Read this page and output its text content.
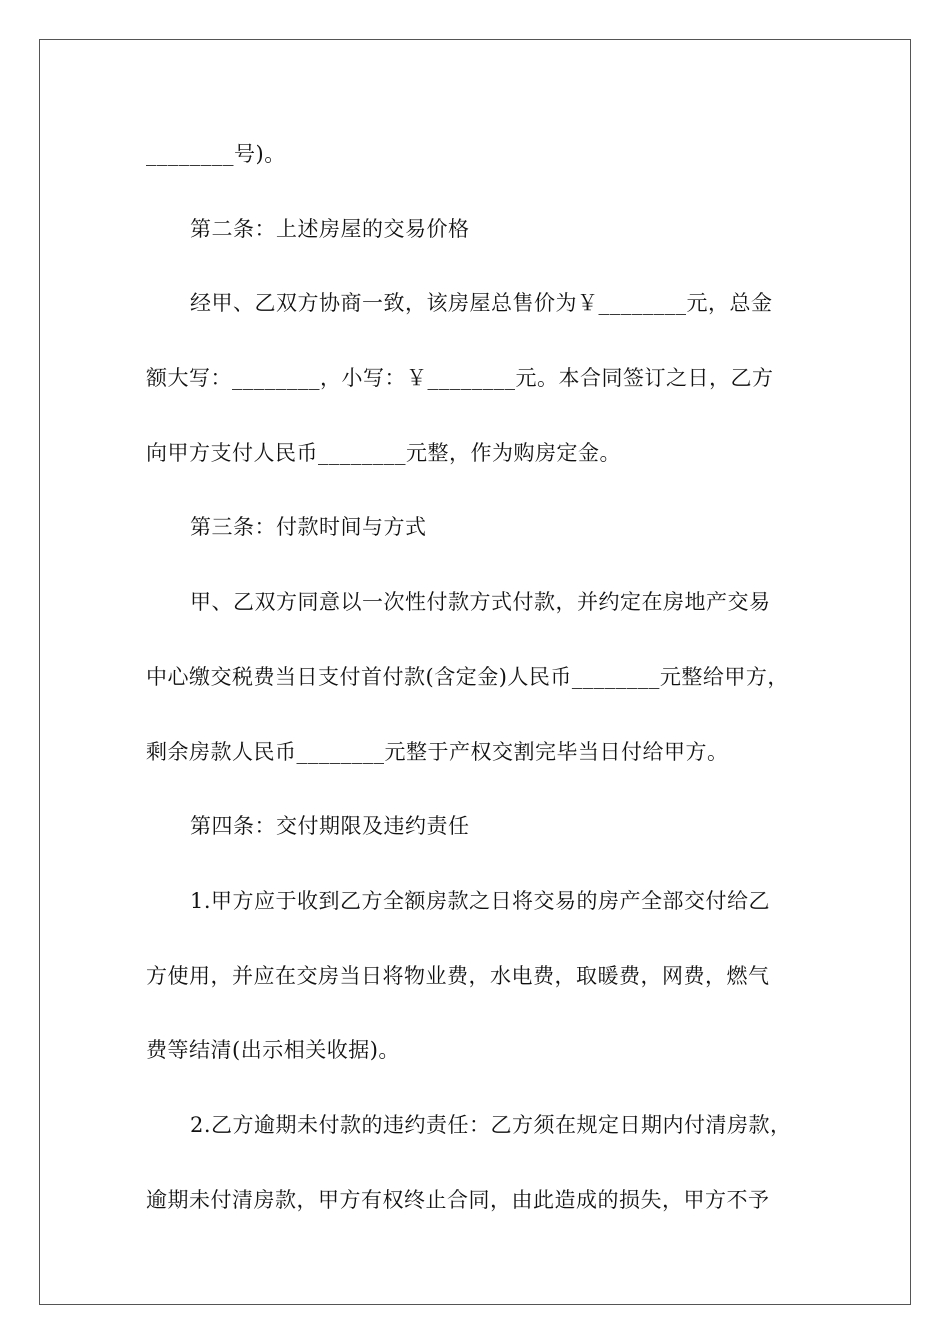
________号)。
第二条：上述房屋的交易价格
经甲、乙双方协商一致，该房屋总售价为￥________元，总金
额大写：________，小写：￥________元。本合同签订之日，乙方
向甲方支付人民币________元整，作为购房定金。
第三条：付款时间与方式
甲、乙双方同意以一次性付款方式付款，并约定在房地产交易
中心缴交税费当日支付首付款(含定金)人民币________元整给甲方，
剩余房款人民币________元整于产权交割完毕当日付给甲方。
第四条：交付期限及违约责任
1.甲方应于收到乙方全额房款之日将交易的房产全部交付给乙
方使用，并应在交房当日将物业费，水电费，取暖费，网费，燃气
费等结清(出示相关收据)。
2.乙方逾期未付款的违约责任：乙方须在规定日期内付清房款，
逾期未付清房款，甲方有权终止合同，由此造成的损失，甲方不予
